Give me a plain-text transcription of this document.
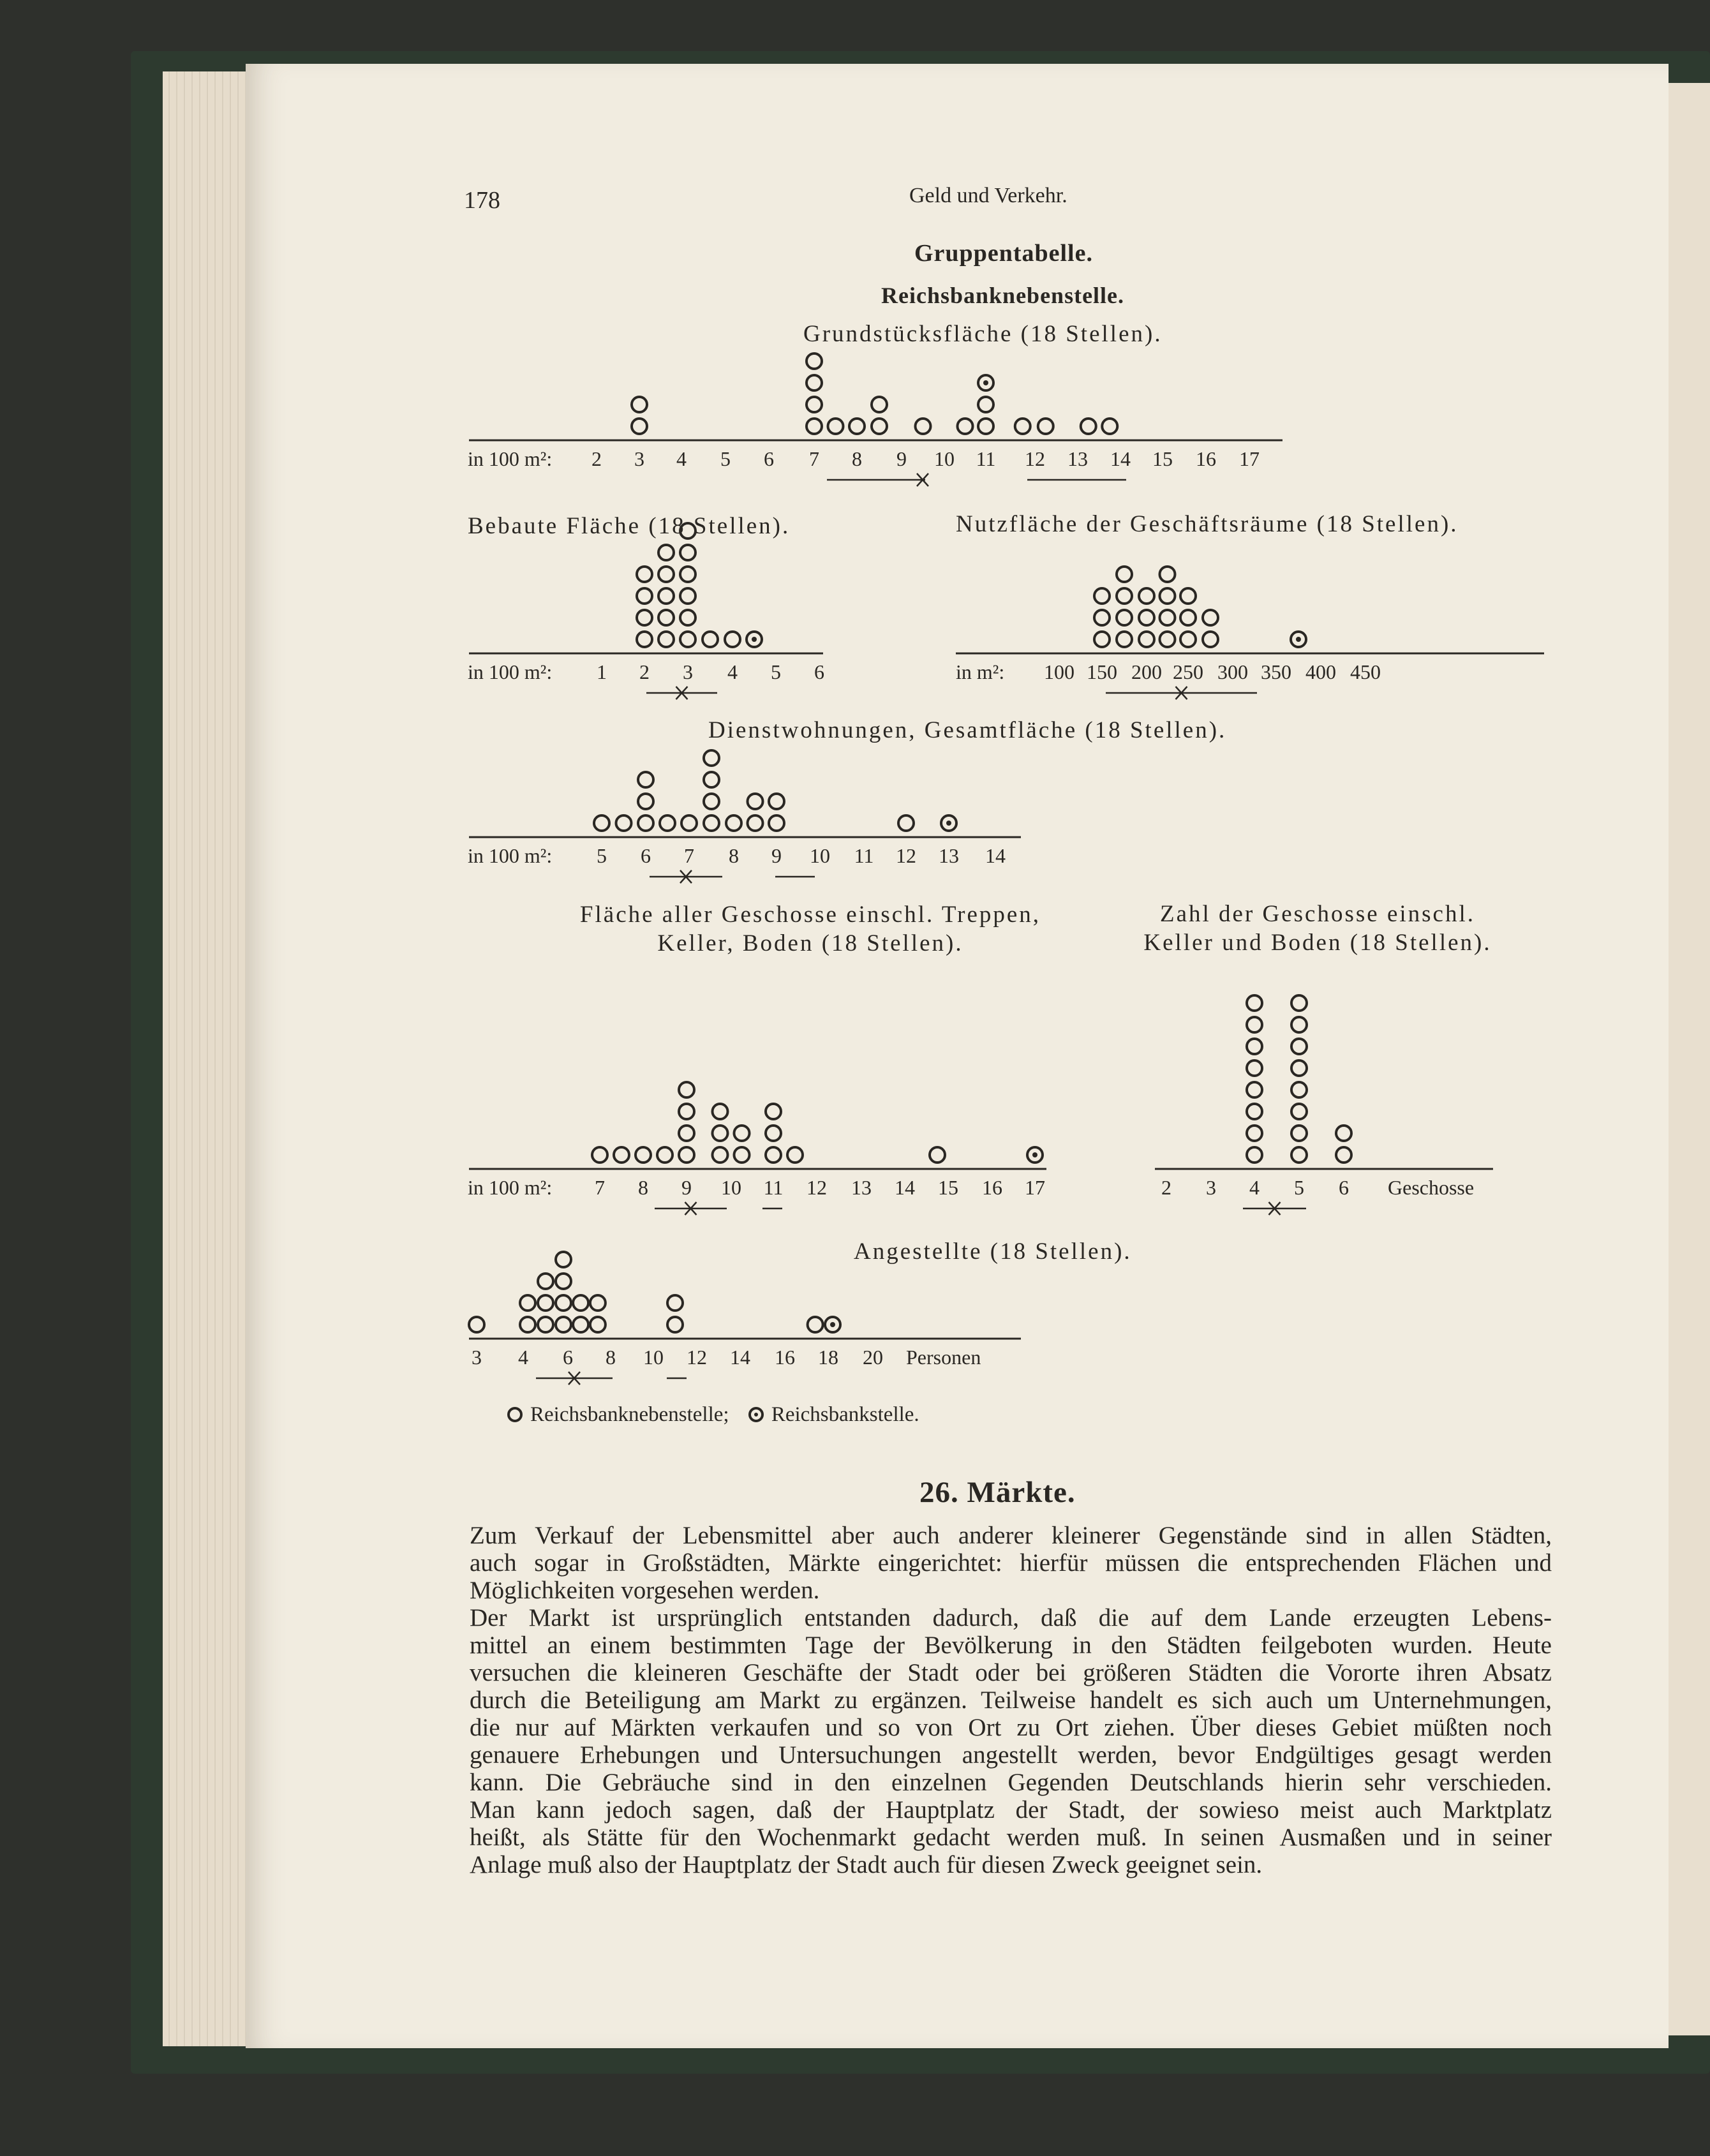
178	Geld und Verkehr.
Gruppentabelle.
Reichsbanknebenstelle.
Grundstücksfläche (18 Stellen).
Bebaute Fläche (18 Stellen).	Nutzfläche der Geschäftsräume (18 Stellen).
Dienstwohnungen, Gesamtfläche (18 Stellen).
Fläche aller Geschosse einschl. Treppen, Keller, Boden (18 Stellen).
Zahl der Geschosse einschl. Keller und Boden (18 Stellen).
Angestellte (18 Stellen).
in 100 m²: 2 3 4 5 6 7 8 9 10 11 12 13 14 15 16 17
in 100 m²: 1 2 3 4 5 6	in m²: 100 150 200 250 300 350 400 450
in 100 m²: 5 6 7 8 9 10 11 12 13 14
in 100 m²: 7 8 9 10 11 12 13 14 15 16 17	Geschosse
2 3 4 5 6
Personen
3 4 6 8 10 12 14 16 18 20
Reichsbanknebenstelle; Reichsbankstelle.
26. Märkte.
Zum Verkauf der Lebensmittel aber auch anderer kleinerer Gegenstände sind in allen Städten,
auch sogar in Großstädten, Märkte eingerichtet: hierfür müssen die entsprechenden Flächen und
Möglichkeiten vorgesehen werden.
Der Markt ist ursprünglich entstanden dadurch, daß die auf dem Lande erzeugten Lebens-
mittel an einem bestimmten Tage der Bevölkerung in den Städten feilgeboten wurden. Heute
versuchen die kleineren Geschäfte der Stadt oder bei größeren Städten die Vororte ihren Absatz
durch die Beteiligung am Markt zu ergänzen. Teilweise handelt es sich auch um Unternehmungen,
die nur auf Märkten verkaufen und so von Ort zu Ort ziehen. Über dieses Gebiet müßten noch
genauere Erhebungen und Untersuchungen angestellt werden, bevor Endgültiges gesagt werden
kann. Die Gebräuche sind in den einzelnen Gegenden Deutschlands hierin sehr verschieden.
Man kann jedoch sagen, daß der Hauptplatz der Stadt, der sowieso meist auch Marktplatz
heißt, als Stätte für den Wochenmarkt gedacht werden muß. In seinen Ausmaßen und in seiner
Anlage muß also der Hauptplatz der Stadt auch für diesen Zweck geeignet sein.
